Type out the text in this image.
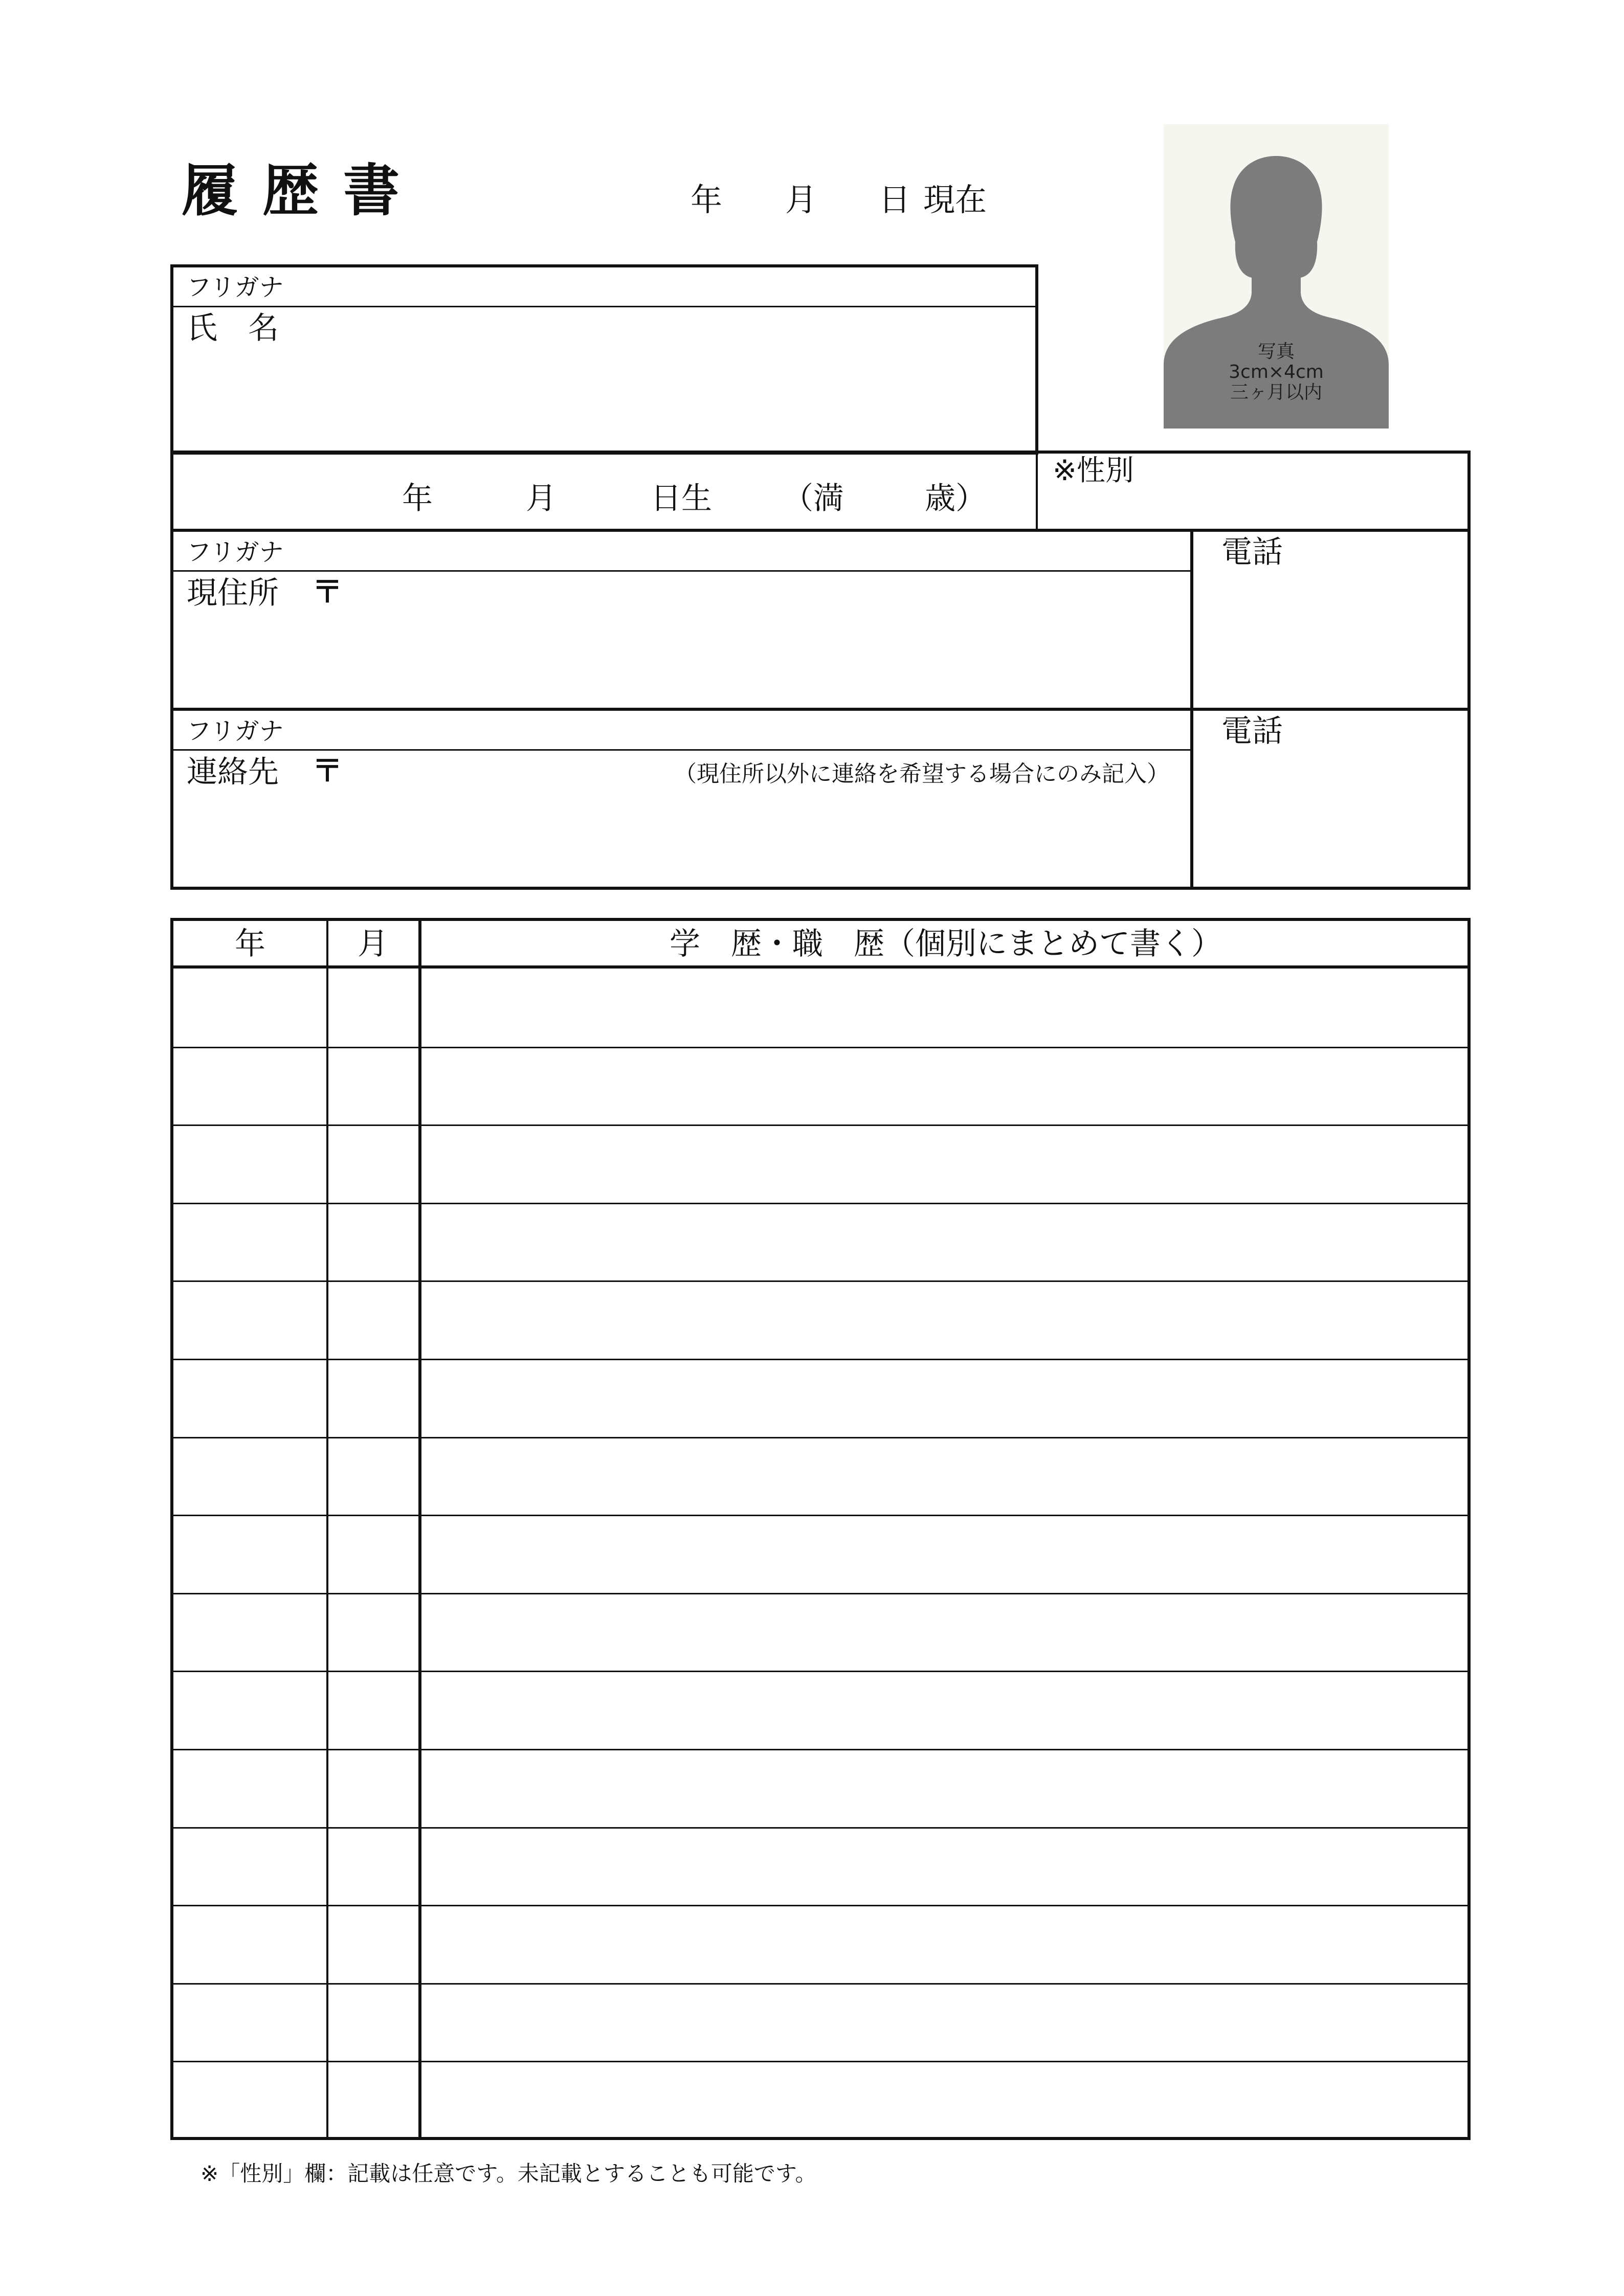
履歴書	年 月 日 現在
写真
3cm×4cm
三ヶ月以内
フリガナ
氏　名
年	月	日生 （満	歳）
※性別
フリガナ
現住所 〒
電話
フリガナ
連絡先 〒	（現住所以外に連絡を希望する場合にのみ記入）
電話
年	月	学　歴・職　歴（個別にまとめて書く）
※「性別」欄：記載は任意です。未記載とすることも可能です。
